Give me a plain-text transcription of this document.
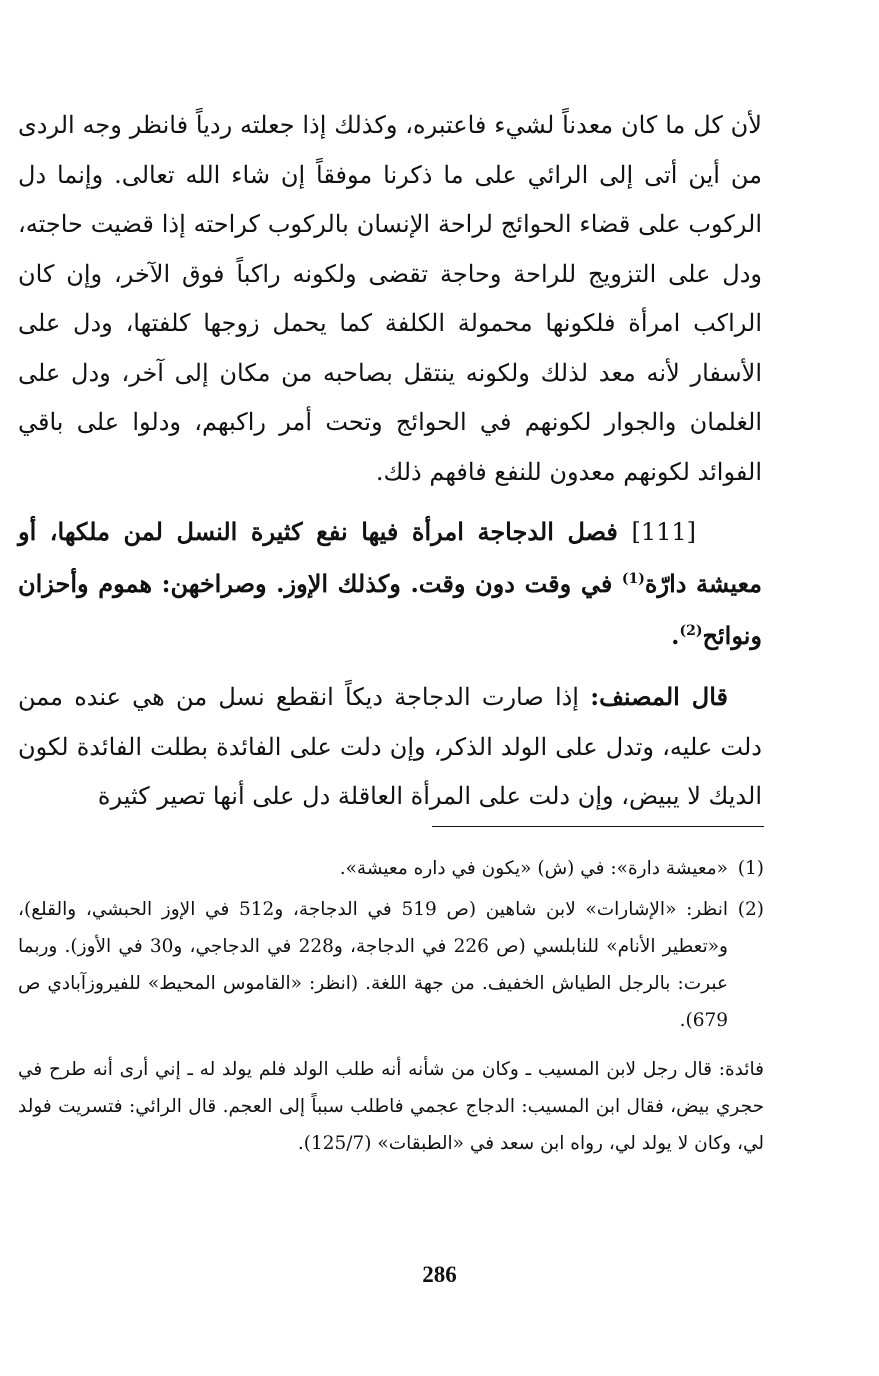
لأن كل ما كان معدناً لشيء فاعتبره، وكذلك إذا جعلته ردياً فانظر وجه الردى من أين أتى إلى الرائي على ما ذكرنا موفقاً إن شاء الله تعالى. وإنما دل الركوب على قضاء الحوائج لراحة الإنسان بالركوب كراحته إذا قضيت حاجته، ودل على التزويج للراحة وحاجة تقضى ولكونه راكباً فوق الآخر، وإن كان الراكب امرأة فلكونها محمولة الكلفة كما يحمل زوجها كلفتها، ودل على الأسفار لأنه معد لذلك ولكونه ينتقل بصاحبه من مكان إلى آخر، ودل على الغلمان والجوار لكونهم في الحوائج وتحت أمر راكبهم، ودلوا على باقي الفوائد لكونهم معدون للنفع فافهم ذلك.

[111] فصل الدجاجة امرأة فيها نفع كثيرة النسل لمن ملكها، أو معيشة دارّة$^{(1)}$ في وقت دون وقت. وكذلك الإوز. وصراخهن: هموم وأحزان ونوائح$^{(2)}$.

قال المصنف: إذا صارت الدجاجة ديكاً انقطع نسل من هي عنده ممن دلت عليه، وتدل على الولد الذكر، وإن دلت على الفائدة بطلت الفائدة لكون الديك لا يبيض، وإن دلت على المرأة العاقلة دل على أنها تصير كثيرة

(1)
«معيشة دارة»: في (ش) «يكون في داره معيشة».
(2)
انظر: «الإشارات» لابن شاهين (ص 519 في الدجاجة، و512 في الإوز الحبشي، والقلع)، و«تعطير الأنام» للنابلسي (ص 226 في الدجاجة، و228 في الدجاجي، و30 في الأوز). وربما عبرت: بالرجل الطياش الخفيف. من جهة اللغة. (انظر: «القاموس المحيط» للفيروزآبادي ص 679).

فائدة: قال رجل لابن المسيب ـ وكان من شأنه أنه طلب الولد فلم يولد له ـ إني أرى أنه طرح في حجري بيض، فقال ابن المسيب: الدجاج عجمي فاطلب سبباً إلى العجم. قال الرائي: فتسريت فولد لي، وكان لا يولد لي، رواه ابن سعد في «الطبقات» (125/7).

286
